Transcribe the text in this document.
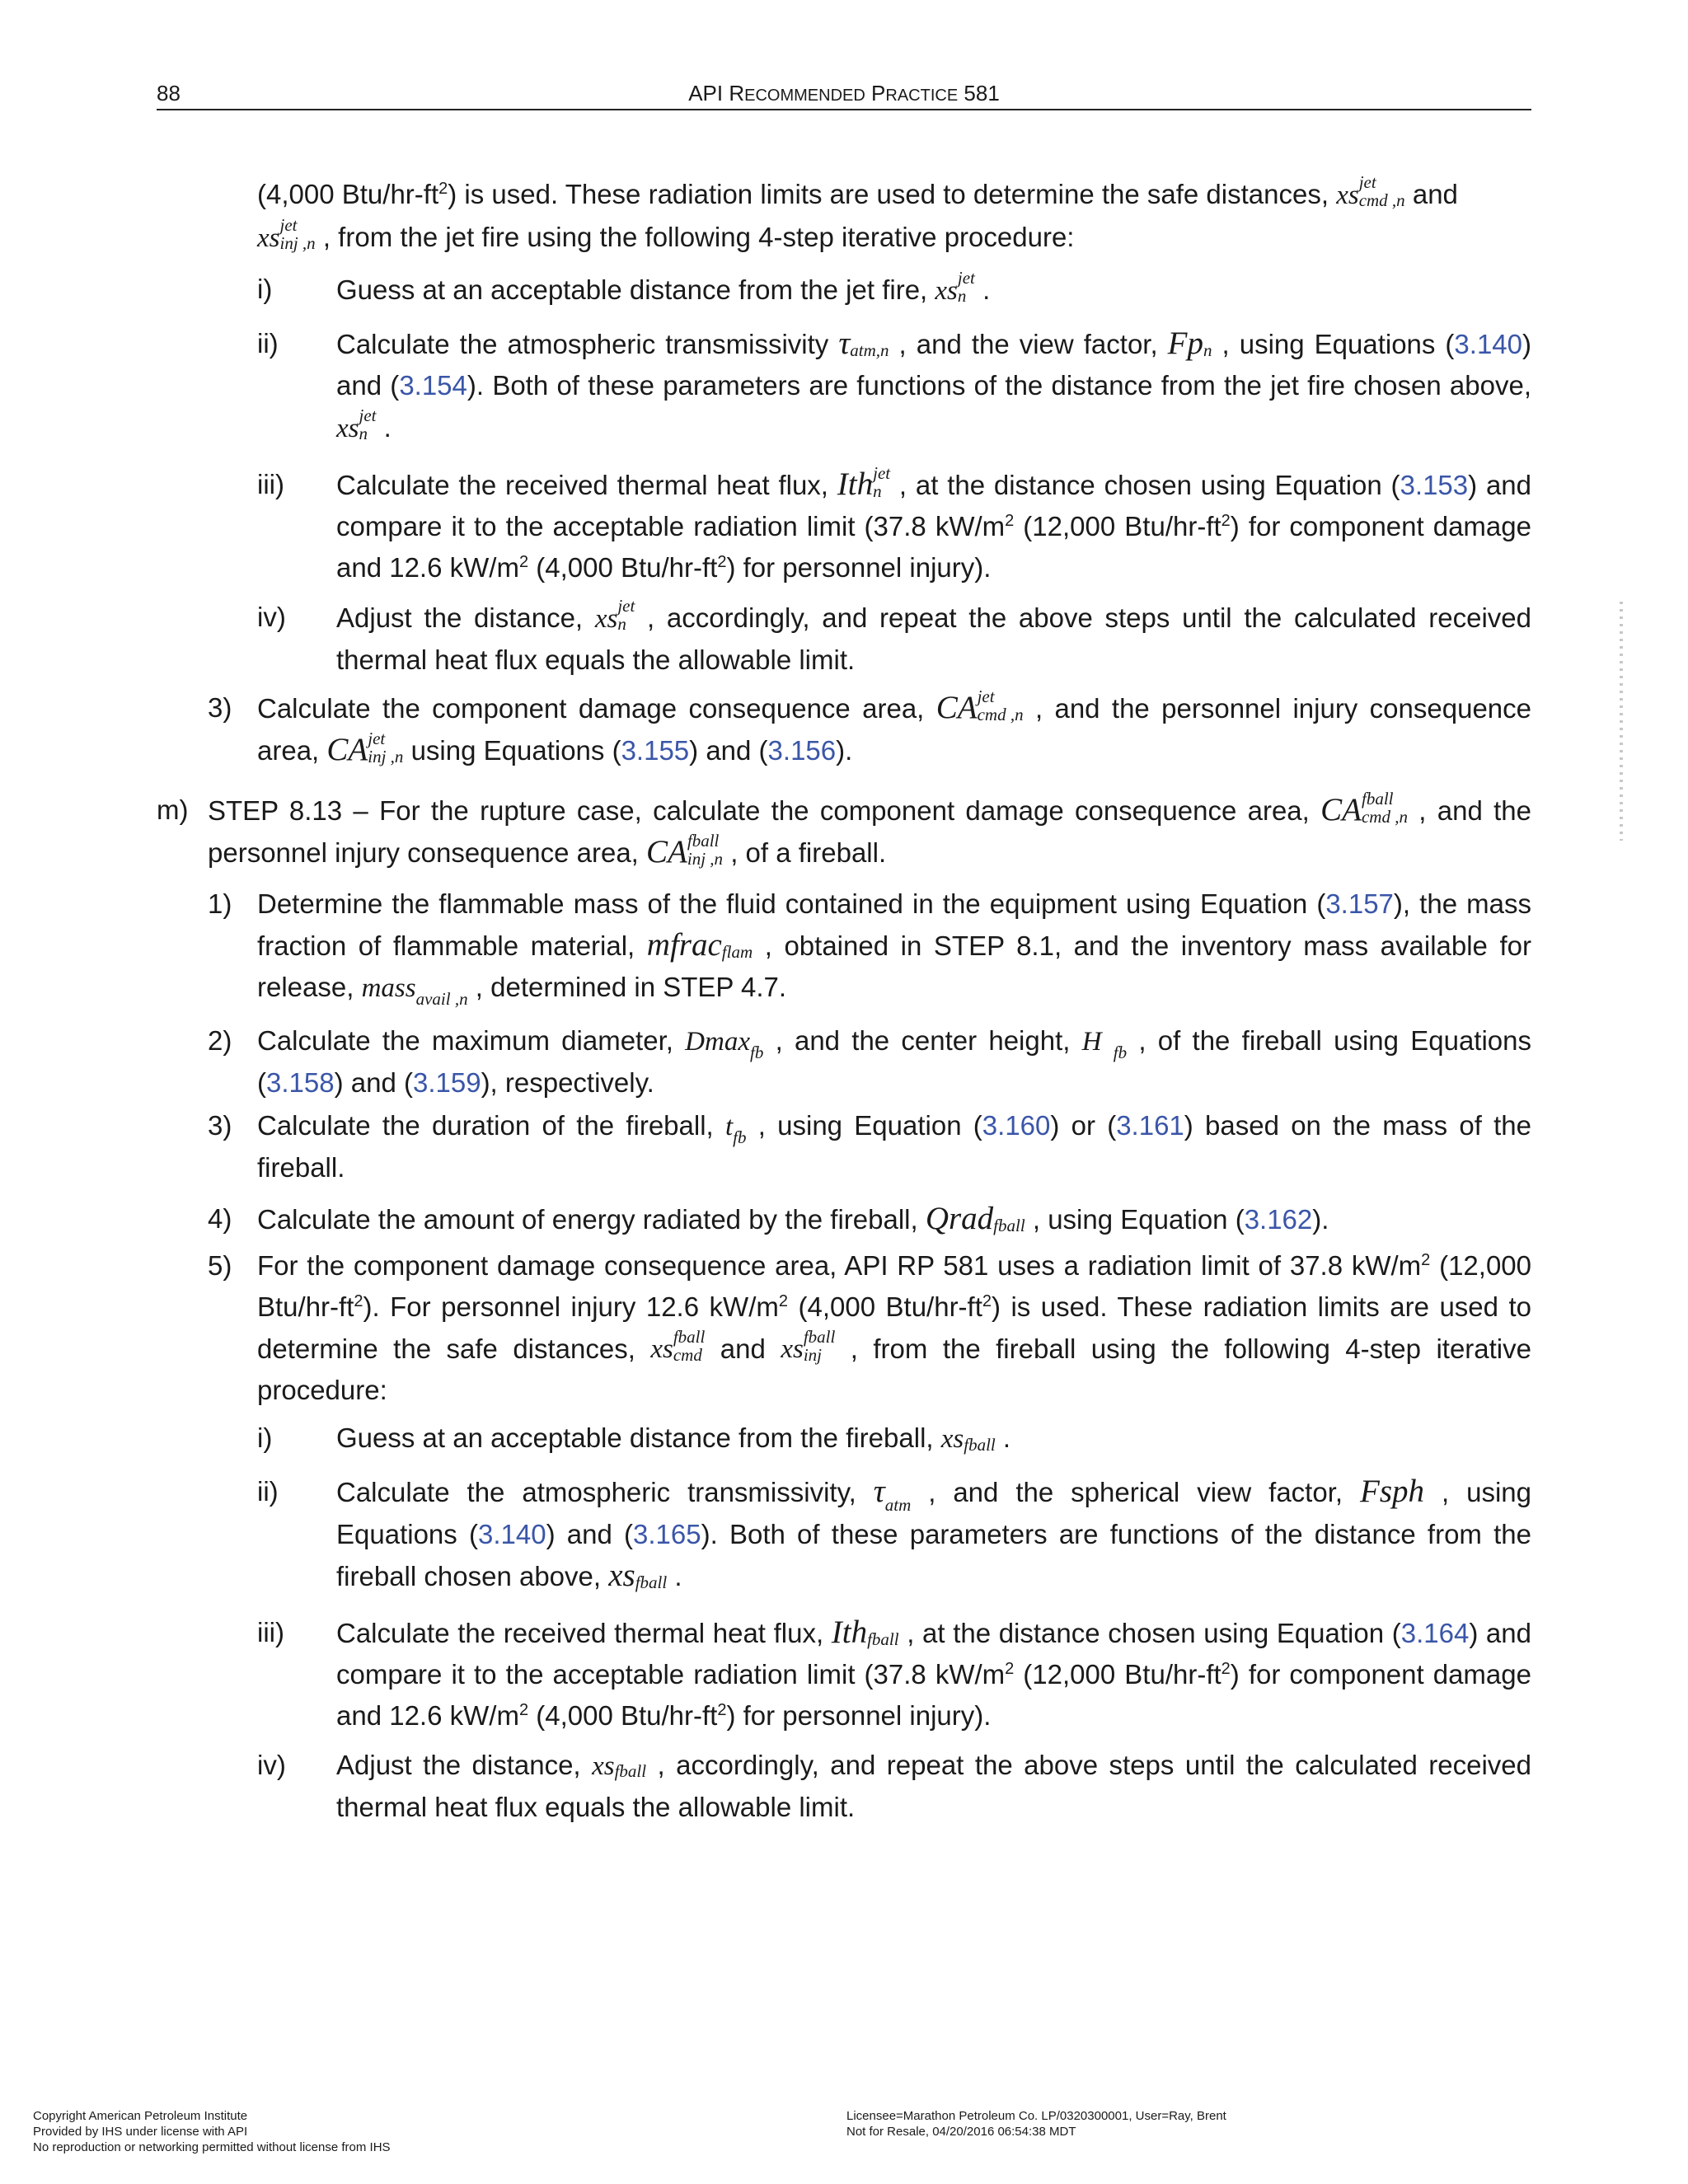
88	API RECOMMENDED PRACTICE 581
(4,000 Btu/$hr-ft^2$) is used. These radiation limits are used to determine the safe distances, xs jet
cmd ,n and
xs jet
inj ,n , from the jet fire using the following 4-step iterative procedure:
i) Guess at an acceptable distance from the jet fire, xs jet
n .
ii) Calculate the atmospheric transmissivity τ atm,n , and the view factor, Fp n , using Equations (3.140) and (3.154). Both of these parameters are functions of the distance from the jet fire chosen above, xs jet
n .
iii) Calculate the received thermal heat flux, Ith jet
n , at the distance chosen using Equation (3.153) and compare it to the acceptable radiation limit (37.8 $kW/m^2$ (12,000 Btu/$hr-ft^2$) for component damage and 12.6 $kW/m^2$ (4,000 Btu/$hr-ft^2$) for personnel injury).
iv) Adjust the distance, xs jet
n , accordingly, and repeat the above steps until the calculated received thermal heat flux equals the allowable limit.
3) Calculate the component damage consequence area, CA jet
cmd ,n , and the personnel injury consequence area, CA jet
inj ,n using Equations (3.155) and (3.156).
m) STEP 8.13 – For the rupture case, calculate the component damage consequence area, CA fball
cmd ,n , and the personnel injury consequence area, CA fball
inj ,n , of a fireball.
1) Determine the flammable mass of the fluid contained in the equipment using Equation (3.157), the mass fraction of flammable material, mfrac$^{flam}$ , obtained in STEP 8.1, and the inventory mass available for release, mass avail ,n , determined in STEP 4.7.
2) Calculate the maximum diameter, Dmax fb , and the center height, H fb , of the fireball using Equations (3.158) and (3.159), respectively.
3) Calculate the duration of the fireball, t fb , using Equation (3.160) or (3.161) based on the mass of the fireball.
4) Calculate the amount of energy radiated by the fireball, Qrad$^{fball}$ , using Equation (3.162).
5) For the component damage consequence area, API RP 581 uses a radiation limit of 37.8 $kW/m^2$ (12,000 Btu/$hr-ft^2$). For personnel injury 12.6 $kW/m^2$ (4,000 Btu/$hr-ft^2$) is used. These radiation limits are used to determine the safe distances, xs fball
cmd and xs fball
inj , from the fireball using the following 4-step iterative procedure:
i) Guess at an acceptable distance from the fireball, $xs^{fball}$ .
ii) Calculate the atmospheric transmissivity, τ atm , and the spherical view factor, Fsph , using Equations (3.140) and (3.165). Both of these parameters are functions of the distance from the fireball chosen above, $xs^{fball}$ .
iii) Calculate the received thermal heat flux, Ith$^{fball}$ , at the distance chosen using Equation (3.164) and compare it to the acceptable radiation limit (37.8 $kW/m^2$ (12,000 Btu/$hr-ft^2$) for component damage and 12.6 $kW/m^2$ (4,000 Btu/$hr-ft^2$) for personnel injury).
iv) Adjust the distance, $xs^{fball}$ , accordingly, and repeat the above steps until the calculated received thermal heat flux equals the allowable limit.
Copyright American Petroleum Institute
Provided by IHS under license with API
No reproduction or networking permitted without license from IHS
Licensee=Marathon Petroleum Co. LP/0320300001, User=Ray, Brent
Not for Resale, 04/20/2016 06:54:38 MDT
